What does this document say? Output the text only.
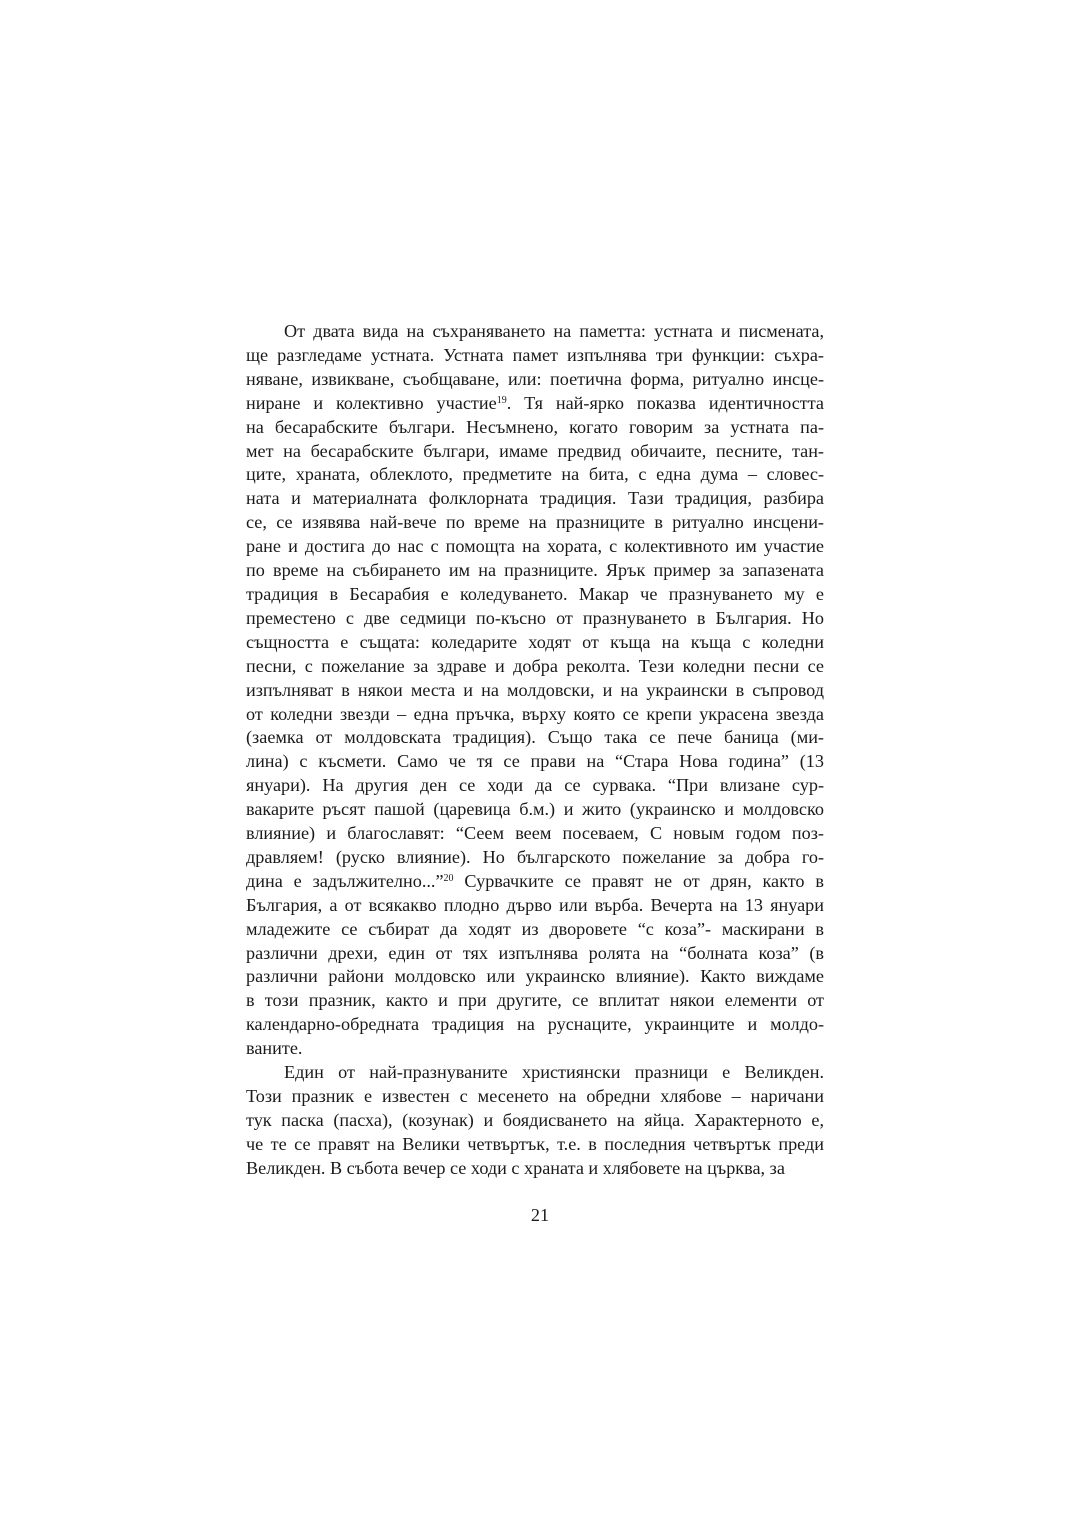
От двата вида на съхраняването на паметта: устната и писмената,
ще разгледаме устната. Устната памет изпълнява три функции: съхра-
няване, извикване, съобщаване, или: поетична форма, ритуално инсце-
ниране и колективно участие$^{19}$. Тя най-ярко показва идентичността
на бесарабските българи. Несъмнено, когато говорим за устната па-
мет на бесарабските българи, имаме предвид обичаите, песните, тан-
ците, храната, облеклото, предметите на бита, с една дума – словес-
ната и материалната фолклорната традиция. Тази традиция, разбира
се, се изявява най-вече по време на празниците в ритуално инсцени-
ране и достига до нас с помощта на хората, с колективното им участие
по време на събирането им на празниците. Ярък пример за запазената
традиция в Бесарабия е коледуването. Макар че празнуването му е
преместено с две седмици по-късно от празнуването в България. Но
същността е същата: коледарите ходят от къща на къща с коледни
песни, с пожелание за здраве и добра реколта. Тези коледни песни се
изпълняват в някои места и на молдовски, и на украински в съпровод
от коледни звезди – една пръчка, върху която се крепи украсена звезда
(заемка от молдовската традиция). Също така се пече баница (ми-
лина) с късмети. Само че тя се прави на “Стара Нова година” (13
януари). На другия ден се ходи да се сурвака. “При влизане сур-
вакарите ръсят пашой (царевица б.м.) и жито (украинско и молдовско
влияние) и благославят: “Сеем веем посеваем, С новым годом поз-
дравляем! (руско влияние). Но българското пожелание за добра го-
дина е задължително...”$^{20}$ Сурвачките се правят не от дрян, както в
България, а от всякакво плодно дърво или върба. Вечерта на 13 януари
младежите се събират да ходят из дворовете “с коза”- маскирани в
различни дрехи, един от тях изпълнява ролята на “болната коза” (в
различни райони молдовско или украинско влияние). Както виждаме
в този празник, както и при другите, се вплитат някои елементи от
календарно-обредната традиция на руснаците, украинците и молдо-
ваните.
Един от най-празнуваните християнски празници е Великден.
Този празник е известен с месенето на обредни хлябове – наричани
тук паска (пасха), (козунак) и боядисването на яйца. Характерното е,
че те се правят на Велики четвъртък, т.е. в последния четвъртък преди
Великден. В събота вечер се ходи с храната и хлябовете на църква, за
21
